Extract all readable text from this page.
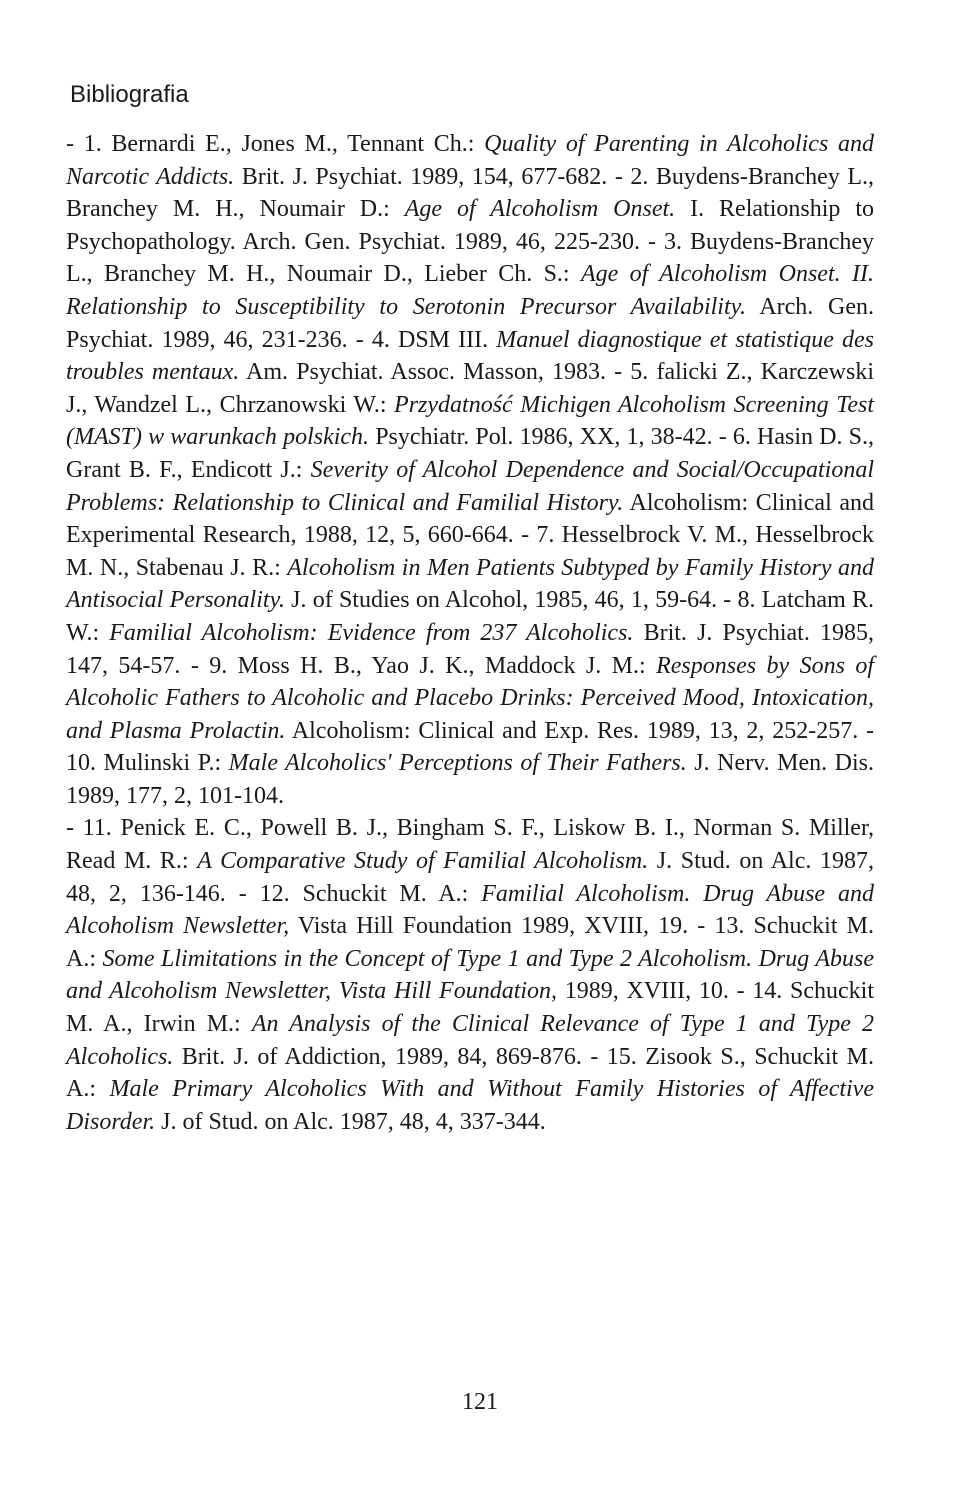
Bibliografia

- 1. Bernardi E., Jones M., Tennant Ch.: Quality of Parenting in Alcoholics and Narcotic Addicts. Brit. J. Psychiat. 1989, 154, 677-682. - 2. Buydens-Branchey L., Branchey M. H., Noumair D.: Age of Alcoholism Onset. I. Relationship to Psychopathology. Arch. Gen. Psychiat. 1989, 46, 225-230. - 3. Buydens-Branchey L., Branchey M. H., Noumair D., Lieber Ch. S.: Age of Alcoholism Onset. II. Relationship to Susceptibility to Serotonin Precursor Availability. Arch. Gen. Psychiat. 1989, 46, 231-236. - 4. DSM III. Manuel diagnostique et statistique des troubles mentaux. Am. Psychiat. Assoc. Masson, 1983. - 5. falicki Z., Karczewski J., Wandzel L., Chrzanowski W.: Przydatność Michigen Alcoholism Screening Test (MAST) w warunkach polskich. Psychiatr. Pol. 1986, XX, 1, 38-42. - 6. Hasin D. S., Grant B. F., Endicott J.: Severity of Alcohol Dependence and Social/Occupational Problems: Relationship to Clinical and Familial History. Alcoholism: Clinical and Experimental Research, 1988, 12, 5, 660-664. - 7. Hesselbrock V. M., Hesselbrock M. N., Stabenau J. R.: Alcoholism in Men Patients Subtyped by Family History and Antisocial Personality. J. of Studies on Alcohol, 1985, 46, 1, 59-64. - 8. Latcham R. W.: Familial Alcoholism: Evidence from 237 Alcoholics. Brit. J. Psychiat. 1985, 147, 54-57. - 9. Moss H. B., Yao J. K., Maddock J. M.: Responses by Sons of Alcoholic Fathers to Alcoholic and Placebo Drinks: Perceived Mood, Intoxication, and Plasma Prolactin. Alcoholism: Clinical and Exp. Res. 1989, 13, 2, 252-257. - 10. Mulinski P.: Male Alcoholics' Perceptions of Their Fathers. J. Nerv. Men. Dis. 1989, 177, 2, 101-104.

- 11. Penick E. C., Powell B. J., Bingham S. F., Liskow B. I., Norman S. Miller, Read M. R.: A Comparative Study of Familial Alcoholism. J. Stud. on Alc. 1987, 48, 2, 136-146. - 12. Schuckit M. A.: Familial Alcoholism. Drug Abuse and Alcoholism Newsletter, Vista Hill Foundation 1989, XVIII, 19. - 13. Schuckit M. A.: Some Llimitations in the Concept of Type 1 and Type 2 Alcoholism. Drug Abuse and Alcoholism Newsletter, Vista Hill Foundation, 1989, XVIII, 10. - 14. Schuckit M. A., Irwin M.: An Analysis of the Clinical Relevance of Type 1 and Type 2 Alcoholics. Brit. J. of Addiction, 1989, 84, 869-876. - 15. Zisook S., Schuckit M. A.: Male Primary Alcoholics With and Without Family Histories of Affective Disorder. J. of Stud. on Alc. 1987, 48, 4, 337-344.

121
